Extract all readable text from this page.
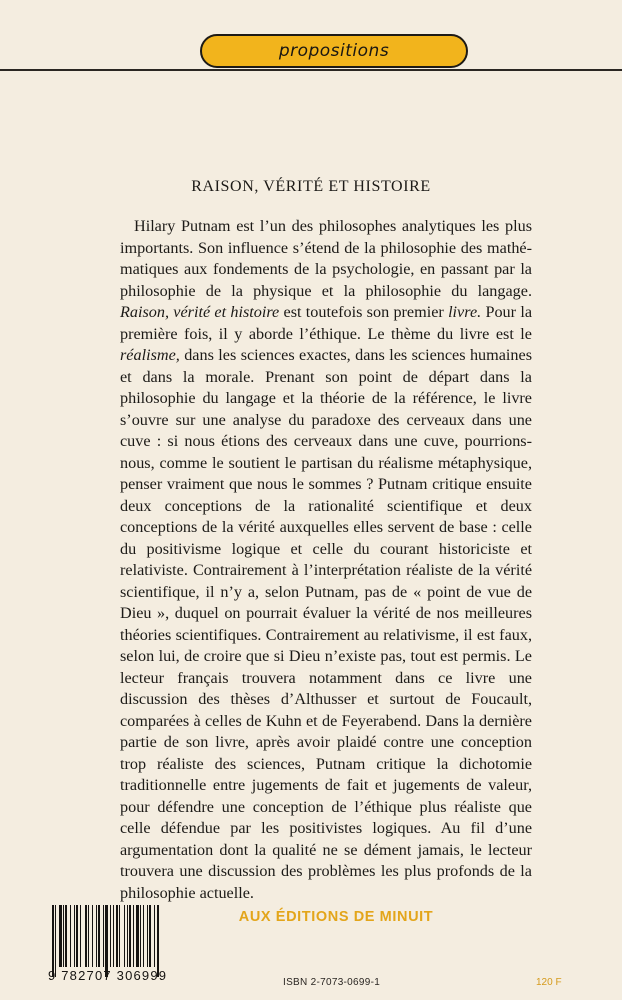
propositions
RAISON, VÉRITÉ ET HISTOIRE

Hilary Putnam est l’un des philosophes analytiques les plus importants. Son influence s’étend de la philosophie des mathématiques aux fondements de la psychologie, en passant par la philosophie de la physique et la philosophie du langage. Raison, vérité et histoire est toutefois son premier livre. Pour la première fois, il y aborde l’éthique. Le thème du livre est le réalisme, dans les sciences exactes, dans les sciences humaines et dans la morale. Prenant son point de départ dans la philosophie du langage et la théorie de la référence, le livre s’ouvre sur une analyse du paradoxe des cerveaux dans une cuve : si nous étions des cerveaux dans une cuve, pourrions-nous, comme le soutient le partisan du réalisme métaphysique, penser vraiment que nous le sommes ? Putnam critique ensuite deux conceptions de la rationalité scientifique et deux conceptions de la vérité auxquelles elles servent de base : celle du positivisme logique et celle du courant historiciste et relativiste. Contrairement à l’interprétation réaliste de la vérité scientifique, il n’y a, selon Putnam, pas de « point de vue de Dieu », duquel on pourrait évaluer la vérité de nos meilleures théories scientifiques. Contrairement au relativisme, il est faux, selon lui, de croire que si Dieu n’existe pas, tout est permis. Le lecteur français trouvera notamment dans ce livre une discussion des thèses d’Althusser et surtout de Foucault, comparées à celles de Kuhn et de Feyerabend. Dans la dernière partie de son livre, après avoir plaidé contre une conception trop réaliste des sciences, Putnam critique la dichotomie traditionnelle entre jugements de fait et jugements de valeur, pour défendre une conception de l’éthique plus réaliste que celle défendue par les positivistes logiques. Au fil d’une argumentation dont la qualité ne se dément jamais, le lecteur trouvera une discussion des problèmes les plus profonds de la philosophie actuelle.

AUX ÉDITIONS DE MINUIT
9 782707 306999	ISBN 2-7073-0699-1	120 F
